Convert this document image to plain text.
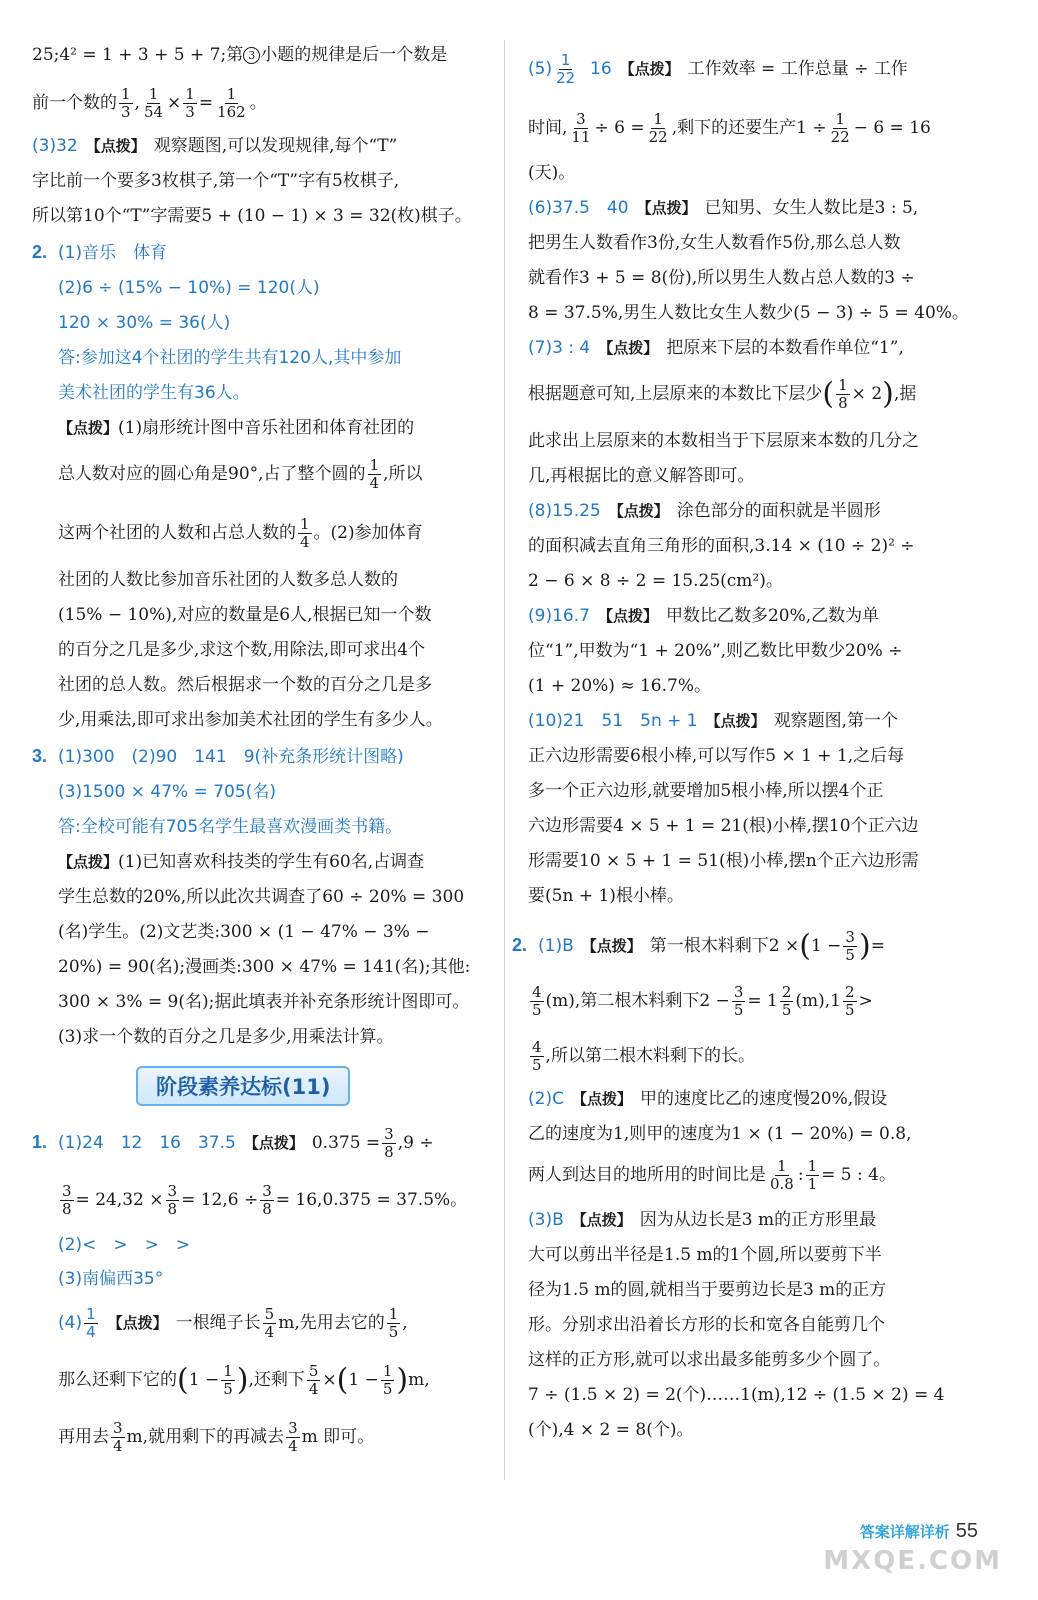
25;4² = 1 + 3 + 5 + 7;第 3 小题的规律是后一个数是
前一个数的 $\frac{1}{3}$ , $\frac{1}{54} \times \frac{1}{3} = \frac{1}{162}$ 。
(3)32 【点拨】 观察题图,可以发现规律,每个“T”
字比前一个要多3枚棋子,第一个“T”字有5枚棋子,
所以第10个“T”字需要5 + (10 − 1) × 3 = 32(枚)棋子。
2. (1)音乐　体育
(2)6 ÷ (15% − 10%) = 120(人)
120 × 30% = 36(人)
答:参加这4个社团的学生共有120人,其中参加
美术社团的学生有36人。
【点拨】(1)扇形统计图中音乐社团和体育社团的
总人数对应的圆心角是90°,占了整个圆的 $\frac{1}{4}$ ,所以
这两个社团的人数和占总人数的 $\frac{1}{4}$ 。(2)参加体育
社团的人数比参加音乐社团的人数多总人数的
(15% − 10%),对应的数量是6人,根据已知一个数
的百分之几是多少,求这个数,用除法,即可求出4个
社团的总人数。然后根据求一个数的百分之几是多
少,用乘法,即可求出参加美术社团的学生有多少人。
3. (1)300　(2)90　141　9(补充条形统计图略)
(3)1500 × 47% = 705(名)
答:全校可能有705名学生最喜欢漫画类书籍。
【点拨】(1)已知喜欢科技类的学生有60名,占调查
学生总数的20%,所以此次共调查了60 ÷ 20% = 300
(名)学生。(2)文艺类:300 × (1 − 47% − 3% −
20%) = 90(名);漫画类:300 × 47% = 141(名);其他:
300 × 3% = 9(名);据此填表并补充条形统计图即可。
(3)求一个数的百分之几是多少,用乘法计算。
阶段素养达标(11)
1. (1)24　12　16　37.5 【点拨】 $0.375 = \frac{3}{8} ,9$ ÷
$\frac{3}{8} = 24,32 \times \frac{3}{8} = 12,6 \div \frac{3}{8} = 16,0.375 = 37.5\%$。
(2)<　>　>　>
(3)南偏西35°
$(4) \frac{1}{4}$ 【点拨】 一根绳子长 $\frac{5}{4} m$,先用去它的 $\frac{1}{5}$ ,
那么还剩下它的($1 - \frac{1}{5}$ ),还剩下 $\frac{5}{4} \times(1 - \frac{1}{5} )m$,
再用去 $\frac{3}{4} m$,就用剩下的再减去 $\frac{3}{4}$ m 即可。
$(5) \frac{1}{22} 16$ 【点拨】 工作效率 = 工作总量 ÷ 工作
时间, $\frac{3}{11} \div 6 = \frac{1}{22}$ ,剩下的还要生产$1 \div \frac{1}{22} - 6 = 16$
(天)。
(6)37.5　40 【点拨】 已知男、女生人数比是3 : 5,
把男生人数看作3份,女生人数看作5份,那么总人数
就看作3 + 5 = 8(份),所以男生人数占总人数的3 ÷
8 = 37.5%,男生人数比女生人数少(5 − 3) ÷ 5 = 40%。
(7)3 : 4 【点拨】 把原来下层的本数看作单位“1”,
根据题意可知,上层原来的本数比下层少( $\frac{1}{8} \times 2$),据
此求出上层原来的本数相当于下层原来本数的几分之
几,再根据比的意义解答即可。
(8)15.25 【点拨】 涂色部分的面积就是半圆形
的面积减去直角三角形的面积,3.14 × (10 ÷ 2)² ÷
2 − 6 × 8 ÷ 2 = 15.25(cm²)。
(9)16.7 【点拨】 甲数比乙数多20%,乙数为单
位“1”,甲数为“1 + 20%”,则乙数比甲数少20% ÷
(1 + 20%) ≈ 16.7%。
(10)21　51　5n + 1 【点拨】 观察题图,第一个
正六边形需要6根小棒,可以写作5 × 1 + 1,之后每
多一个正六边形,就要增加5根小棒,所以摆4个正
六边形需要4 × 5 + 1 = 21(根)小棒,摆10个正六边
形需要10 × 5 + 1 = 51(根)小棒,摆n个正六边形需
要(5n + 1)根小棒。
2. (1)B 【点拨】 第一根木料剩下$2 \times(1 - \frac{3}{5}$ )=
$\frac{4}{5} (m)$,第二根木料剩下$2 - \frac{3}{5} = 1 \frac{2}{5} (m),1 \frac{2}{5}$ >
$\frac{4}{5}$ ,所以第二根木料剩下的长。
(2)C 【点拨】 甲的速度比乙的速度慢20%,假设
乙的速度为1,则甲的速度为1 × (1 − 20%) = 0.8,
两人到达目的地所用的时间比是 $\frac{1}{0.8}$ : $\frac{1}{1} = 5$ : 4。
(3)B 【点拨】 因为从边长是3 m的正方形里最
大可以剪出半径是1.5 m的1个圆,所以要剪下半
径为1.5 m的圆,就相当于要剪边长是3 m的正方
形。分别求出沿着长方形的长和宽各自能剪几个
这样的正方形,就可以求出最多能剪多少个圆了。
7 ÷ (1.5 × 2) = 2(个)……1(m),12 ÷ (1.5 × 2) = 4
(个),4 × 2 = 8(个)。
答案详解详析 55
MXQE.COM
